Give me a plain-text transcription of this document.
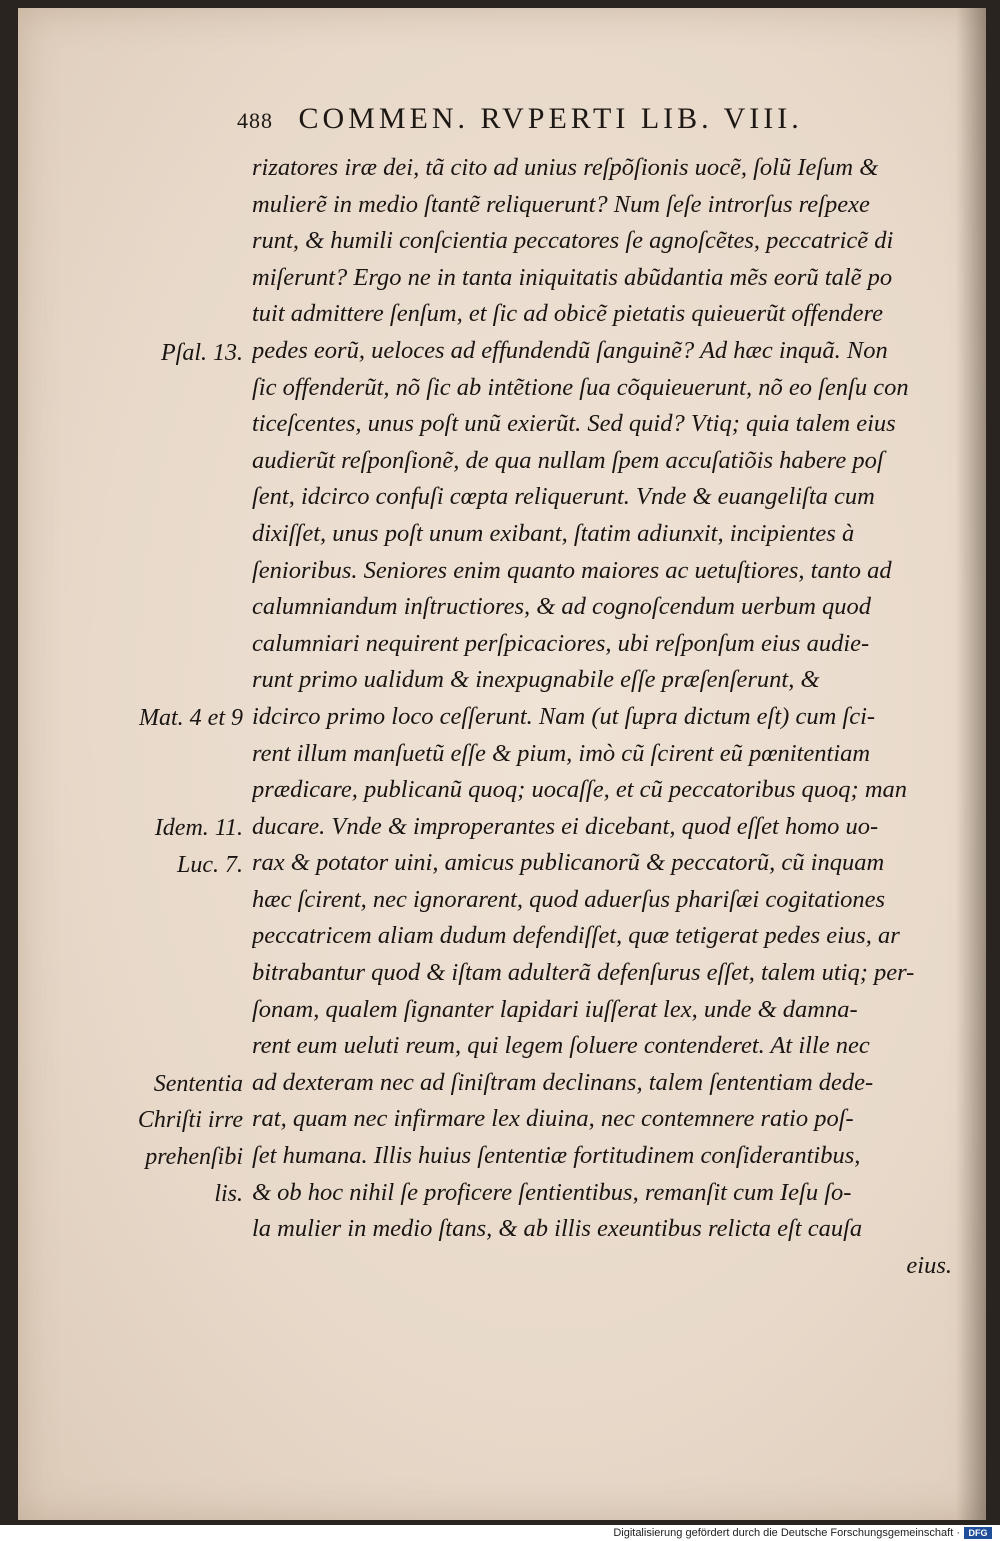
488 COMMEN. RVPERTI LIB. VIII.
rizatores iræ dei, tã cito ad unius reſpõſionis uocẽ, ſolũ Ieſum &
mulierẽ in medio ſtantẽ reliquerunt? Num ſeſe introrſus reſpexe
runt, & humili conſcientia peccatores ſe agnoſcẽtes, peccatricẽ di
miſerunt? Ergo ne in tanta iniquitatis abũdantia mẽs eorũ talẽ po
tuit admittere ſenſum, et ſic ad obicẽ pietatis quieuerũt offendere
pedes eorũ, ueloces ad effundendũ ſanguinẽ? Ad hæc inquã. Non
ſic offenderũt, nõ ſic ab intẽtione ſua cõquieuerunt, nõ eo ſenſu con
ticeſcentes, unus poſt unũ exierũt. Sed quid? Vtiq; quia talem eius
audierũt reſponſionẽ, de qua nullam ſpem accuſatiõis habere poſ
ſent, idcirco confuſi cœpta reliquerunt. Vnde & euangeliſta cum
dixiſſet, unus poſt unum exibant, ſtatim adiunxit, incipientes à
ſenioribus. Seniores enim quanto maiores ac uetuſtiores, tanto ad
calumniandum inſtructiores, & ad cognoſcendum uerbum quod
calumniari nequirent perſpicaciores, ubi reſponſum eius audie-
runt primo ualidum & inexpugnabile eſſe præſenſerunt, &
idcirco primo loco ceſſerunt. Nam (ut ſupra dictum eſt) cum ſci-
rent illum manſuetũ eſſe & pium, imò cũ ſcirent eũ pœnitentiam
prædicare, publicanũ quoq; uocaſſe, et cũ peccatoribus quoq; man
ducare. Vnde & improperantes ei dicebant, quod eſſet homo uo-
rax & potator uini, amicus publicanorũ & peccatorũ, cũ inquam
hæc ſcirent, nec ignorarent, quod aduerſus phariſæi cogitationes
peccatricem aliam dudum defendiſſet, quæ tetigerat pedes eius, ar
bitrabantur quod & iſtam adulterã defenſurus eſſet, talem utiq; per-
ſonam, qualem ſignanter lapidari iuſſerat lex, unde & damna-
rent eum ueluti reum, qui legem ſoluere contenderet. At ille nec
ad dexteram nec ad ſiniſtram declinans, talem ſententiam dede-
rat, quam nec infirmare lex diuina, nec contemnere ratio poſ-
ſet humana. Illis huius ſententiæ fortitudinem conſiderantibus,
& ob hoc nihil ſe proficere ſentientibus, remanſit cum Ieſu ſo-
la mulier in medio ſtans, & ab illis exeuntibus relicta eſt cauſa
eius.
Pſal. 13.
Mat. 4 et 9
Idem. 11.
Luc. 7.
Sententia
Chriſti irre
prehenſibi
lis.
Digitalisierung gefördert durch die Deutsche Forschungsgemeinschaft · DFG
